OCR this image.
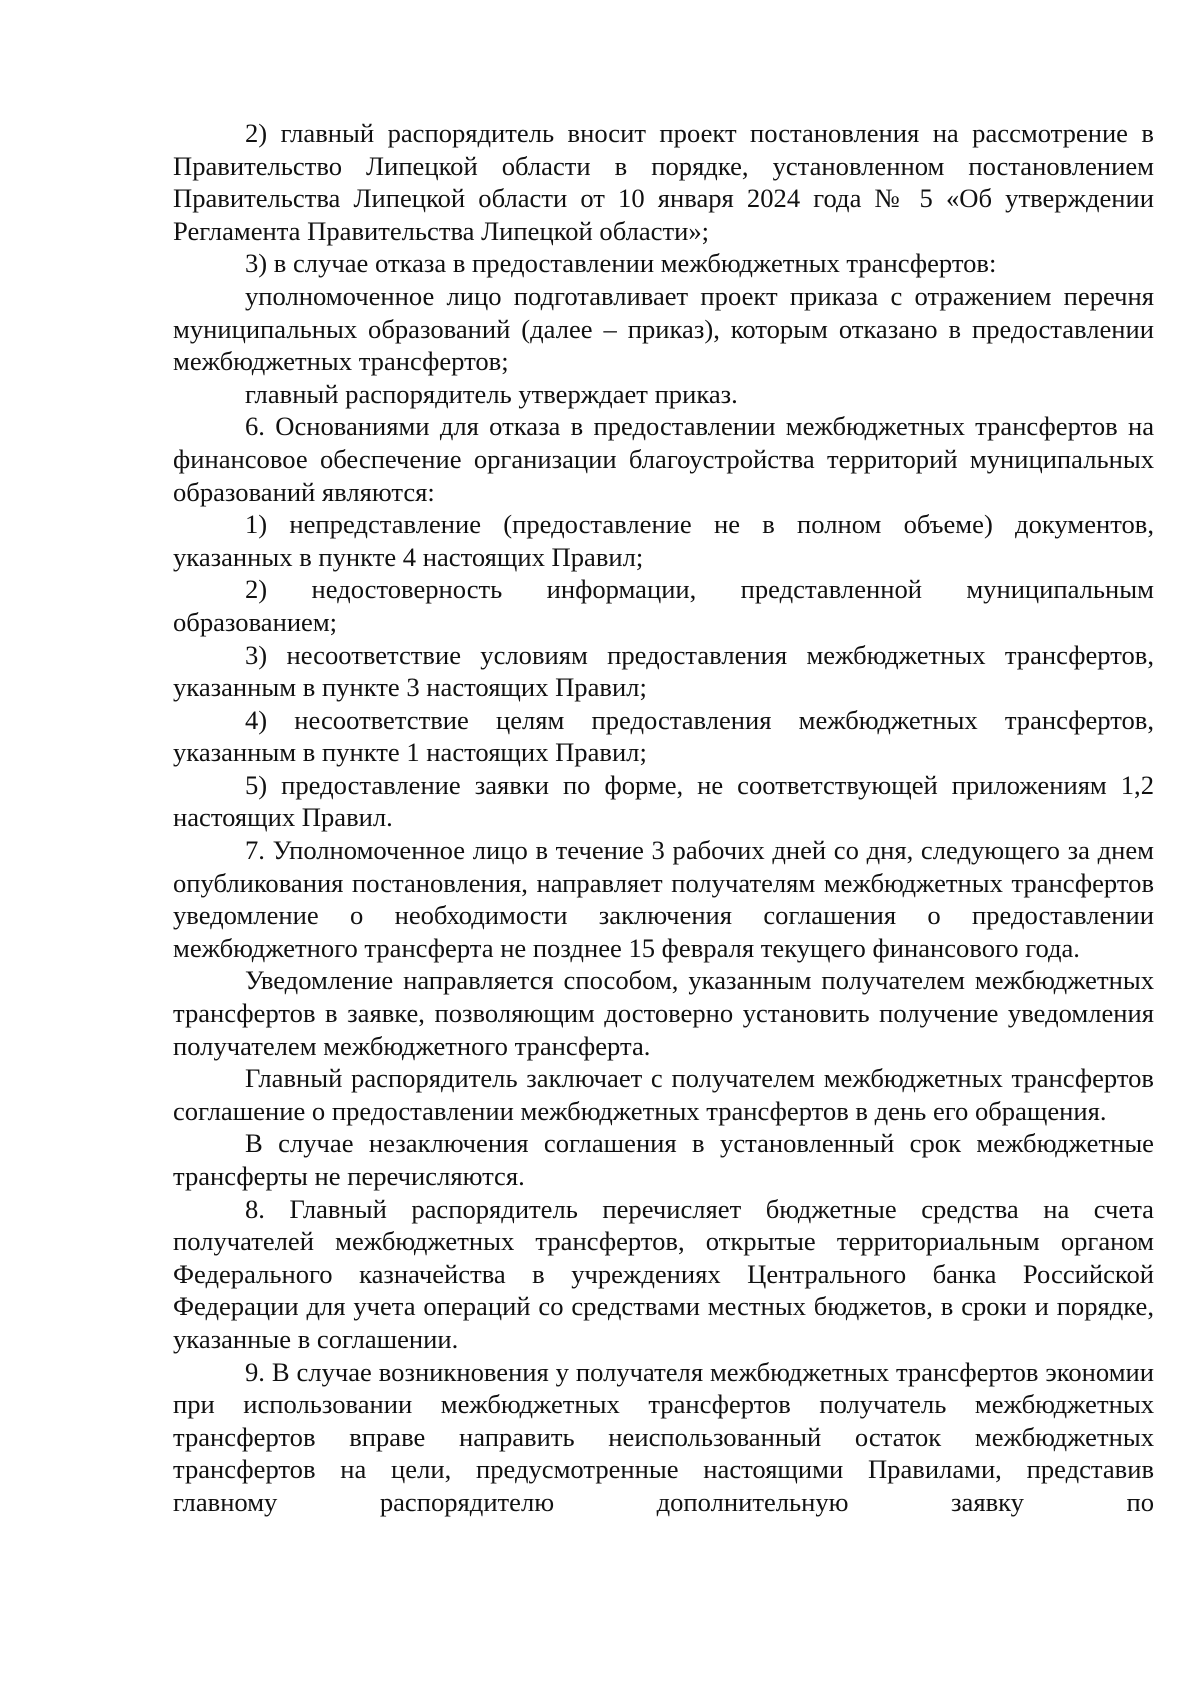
2) главный распорядитель вносит проект постановления на рассмотрение в Правительство Липецкой области в порядке, установленном постановлением Правительства Липецкой области от 10 января 2024 года № 5 «Об утверждении Регламента Правительства Липецкой области»;

3) в случае отказа в предоставлении межбюджетных трансфертов:

уполномоченное лицо подготавливает проект приказа с отражением перечня муниципальных образований (далее – приказ), которым отказано в предоставлении межбюджетных трансфертов;

главный распорядитель утверждает приказ.

6. Основаниями для отказа в предоставлении межбюджетных трансфертов на финансовое обеспечение организации благоустройства территорий муниципальных образований являются:

1) непредставление (предоставление не в полном объеме) документов, указанных в пункте 4 настоящих Правил;

2) недостоверность информации, представленной муниципальным образованием;

3) несоответствие условиям предоставления межбюджетных трансфертов, указанным в пункте 3 настоящих Правил;

4) несоответствие целям предоставления межбюджетных трансфертов, указанным в пункте 1 настоящих Правил;

5) предоставление заявки по форме, не соответствующей приложениям 1,2 настоящих Правил.

7. Уполномоченное лицо в течение 3 рабочих дней со дня, следующего за днем опубликования постановления, направляет получателям межбюджетных трансфертов уведомление о необходимости заключения соглашения о предоставлении межбюджетного трансферта не позднее 15 февраля текущего финансового года.

Уведомление направляется способом, указанным получателем межбюджетных трансфертов в заявке, позволяющим достоверно установить получение уведомления получателем межбюджетного трансферта.

Главный распорядитель заключает с получателем межбюджетных трансфертов соглашение о предоставлении межбюджетных трансфертов в день его обращения.

В случае незаключения соглашения в установленный срок межбюджетные трансферты не перечисляются.

8. Главный распорядитель перечисляет бюджетные средства на счета получателей межбюджетных трансфертов, открытые территориальным органом Федерального казначейства в учреждениях Центрального банка Российской Федерации для учета операций со средствами местных бюджетов, в сроки и порядке, указанные в соглашении.

9. В случае возникновения у получателя межбюджетных трансфертов экономии при использовании межбюджетных трансфертов получатель межбюджетных трансфертов вправе направить неиспользованный остаток межбюджетных трансфертов на цели, предусмотренные настоящими Правилами, представив главному распорядителю дополнительную заявку по
